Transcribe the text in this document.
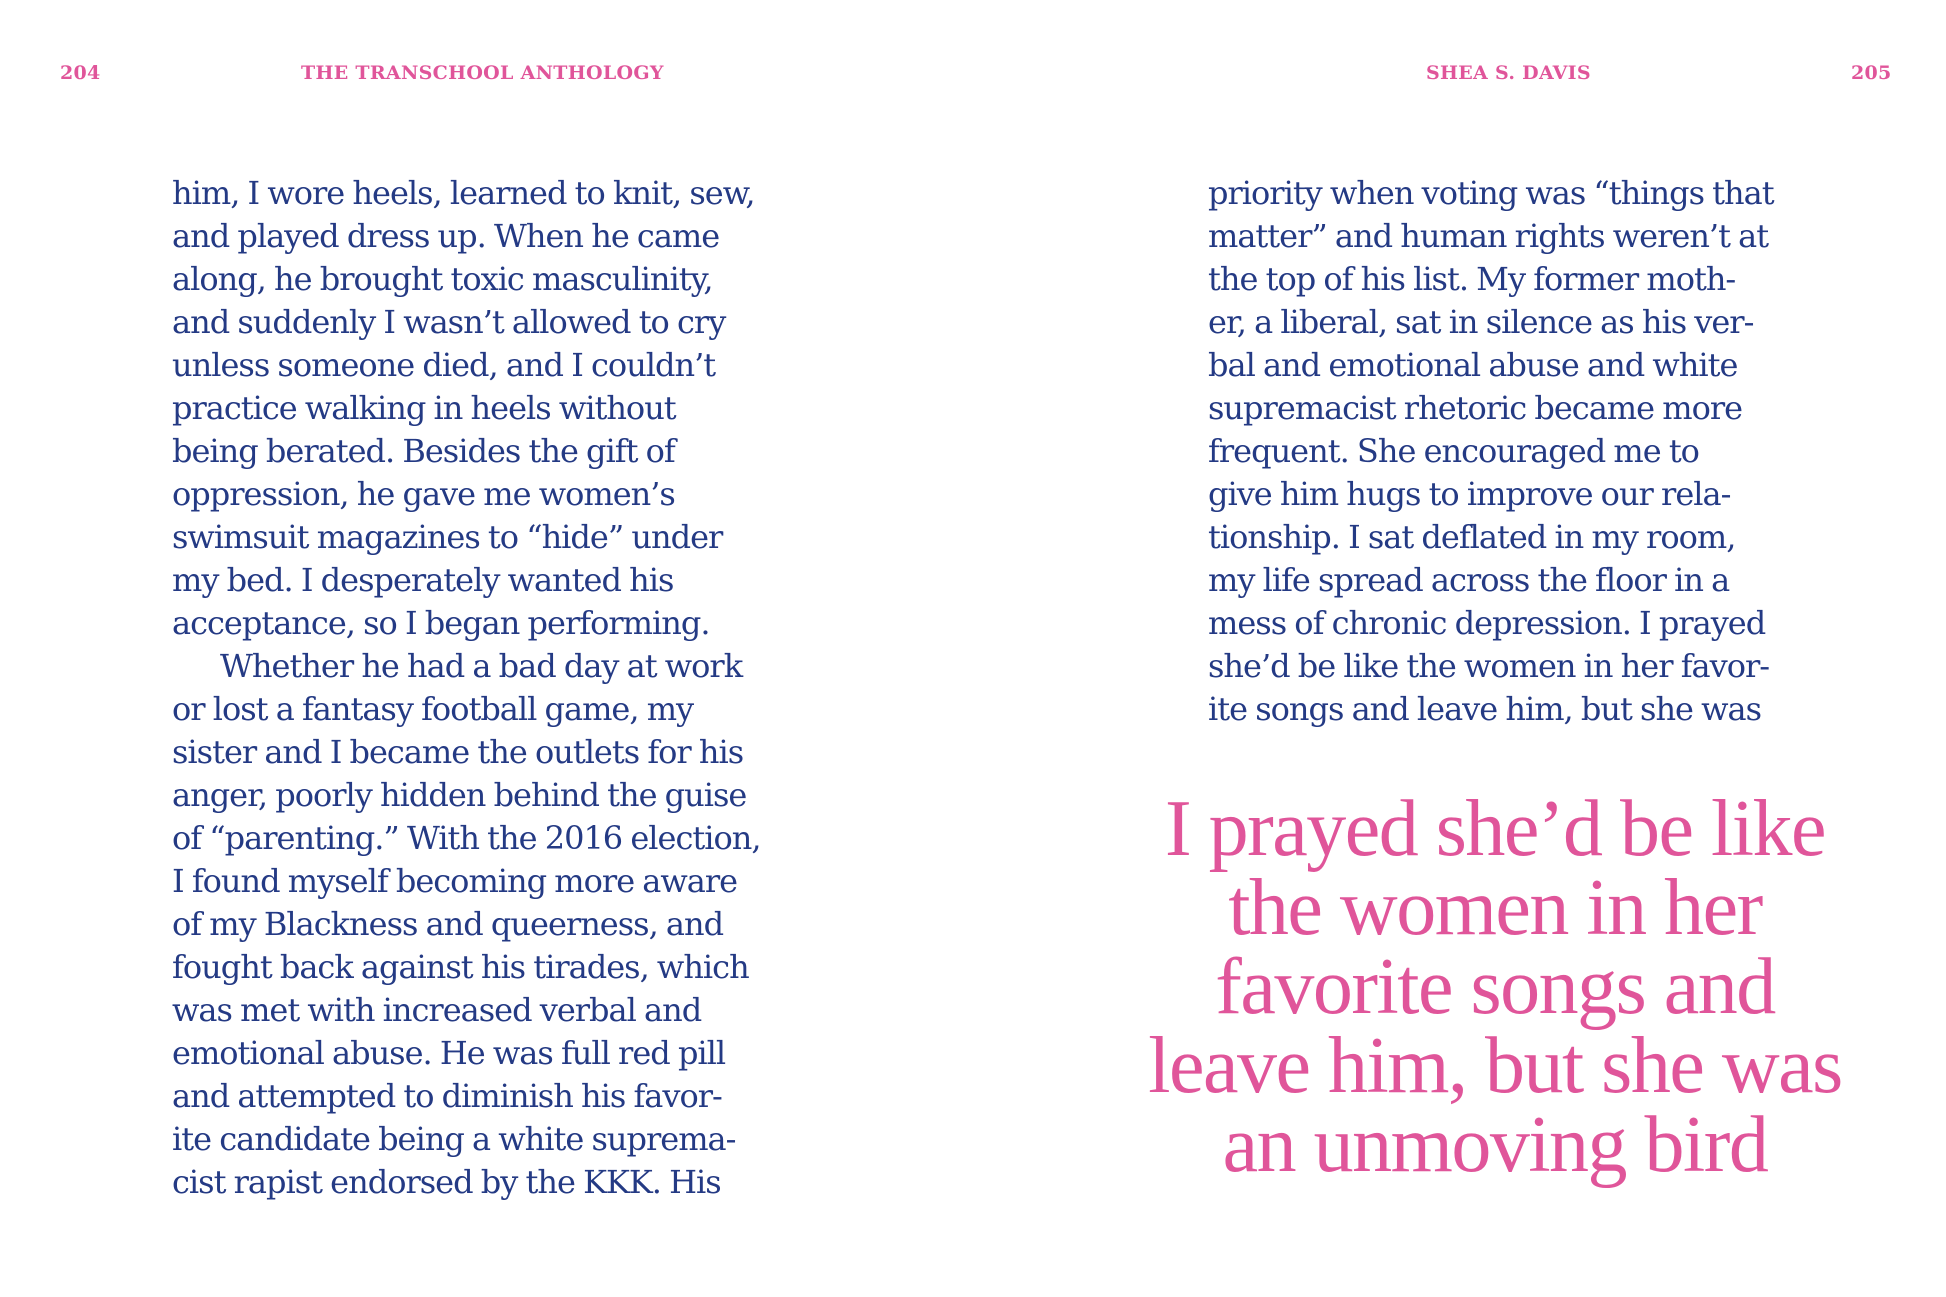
204	THE TRANSCHOOL ANTHOLOGY	SHEA S. DAVIS	205
him, I wore heels, learned to knit, sew,
and played dress up. When he came
along, he brought toxic masculinity,
and suddenly I wasn’t allowed to cry
unless someone died, and I couldn’t
practice walking in heels without
being berated. Besides the gift of
oppression, he gave me women’s
swimsuit magazines to “hide” under
my bed. I desperately wanted his
acceptance, so I began performing.
Whether he had a bad day at work
or lost a fantasy football game, my
sister and I became the outlets for his
anger, poorly hidden behind the guise
of “parenting.” With the 2016 election,
I found myself becoming more aware
of my Blackness and queerness, and
fought back against his tirades, which
was met with increased verbal and
emotional abuse. He was full red pill
and attempted to diminish his favor-
ite candidate being a white suprema-
cist rapist endorsed by the KKK. His
priority when voting was “things that
matter” and human rights weren’t at
the top of his list. My former moth-
er, a liberal, sat in silence as his ver-
bal and emotional abuse and white
supremacist rhetoric became more
frequent. She encouraged me to
give him hugs to improve our rela-
tionship. I sat deflated in my room,
my life spread across the floor in a
mess of chronic depression. I prayed
she’d be like the women in her favor-
ite songs and leave him, but she was
I prayed she’d be like
the women in her
favorite songs and
leave him, but she was
an unmoving bird
